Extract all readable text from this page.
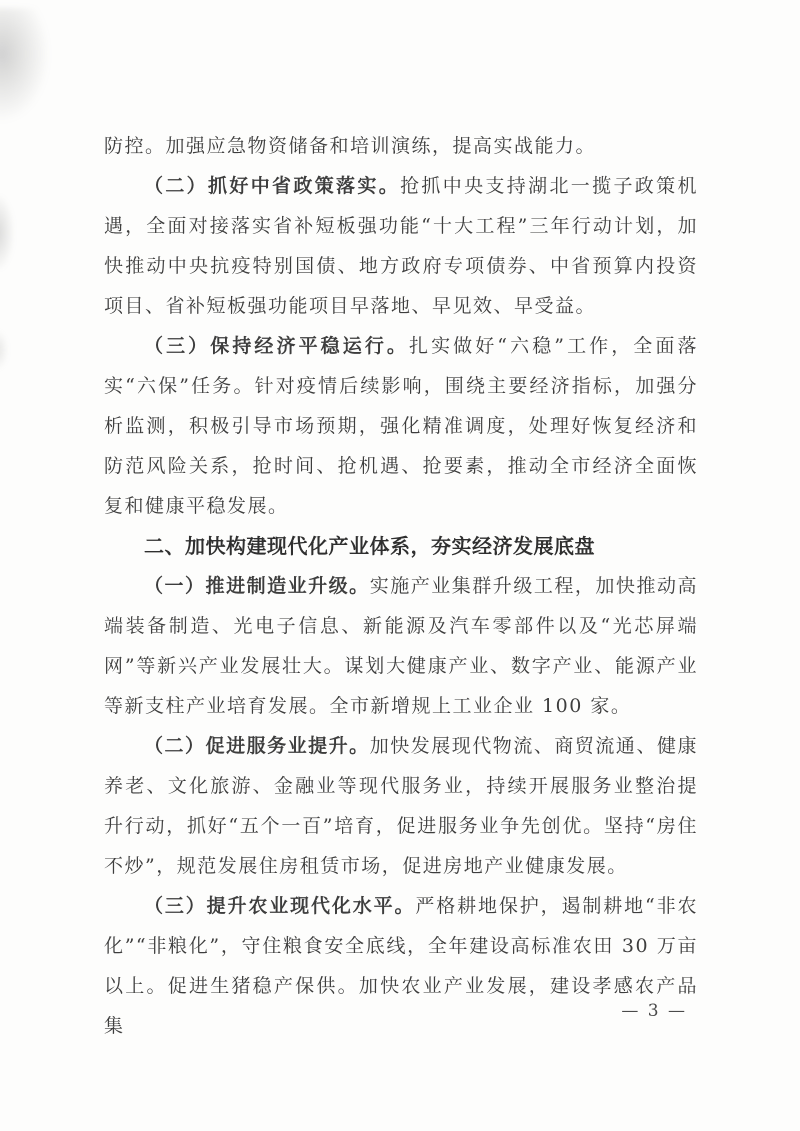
防控。加强应急物资储备和培训演练，提高实战能力。

（二）抓好中省政策落实。抢抓中央支持湖北一揽子政策机遇，全面对接落实省补短板强功能“十大工程”三年行动计划，加快推动中央抗疫特别国债、地方政府专项债券、中省预算内投资项目、省补短板强功能项目早落地、早见效、早受益。

（三）保持经济平稳运行。扎实做好“六稳”工作，全面落实“六保”任务。针对疫情后续影响，围绕主要经济指标，加强分析监测，积极引导市场预期，强化精准调度，处理好恢复经济和防范风险关系，抢时间、抢机遇、抢要素，推动全市经济全面恢复和健康平稳发展。

二、加快构建现代化产业体系，夯实经济发展底盘

（一）推进制造业升级。实施产业集群升级工程，加快推动高端装备制造、光电子信息、新能源及汽车零部件以及“光芯屏端网”等新兴产业发展壮大。谋划大健康产业、数字产业、能源产业等新支柱产业培育发展。全市新增规上工业企业 100 家。

（二）促进服务业提升。加快发展现代物流、商贸流通、健康养老、文化旅游、金融业等现代服务业，持续开展服务业整治提升行动，抓好“五个一百”培育，促进服务业争先创优。坚持“房住不炒”，规范发展住房租赁市场，促进房地产业健康发展。

（三）提升农业现代化水平。严格耕地保护，遏制耕地“非农化”“非粮化”，守住粮食安全底线，全年建设高标准农田 30 万亩以上。促进生猪稳产保供。加快农业产业发展，建设孝感农产品集

— 3 —
